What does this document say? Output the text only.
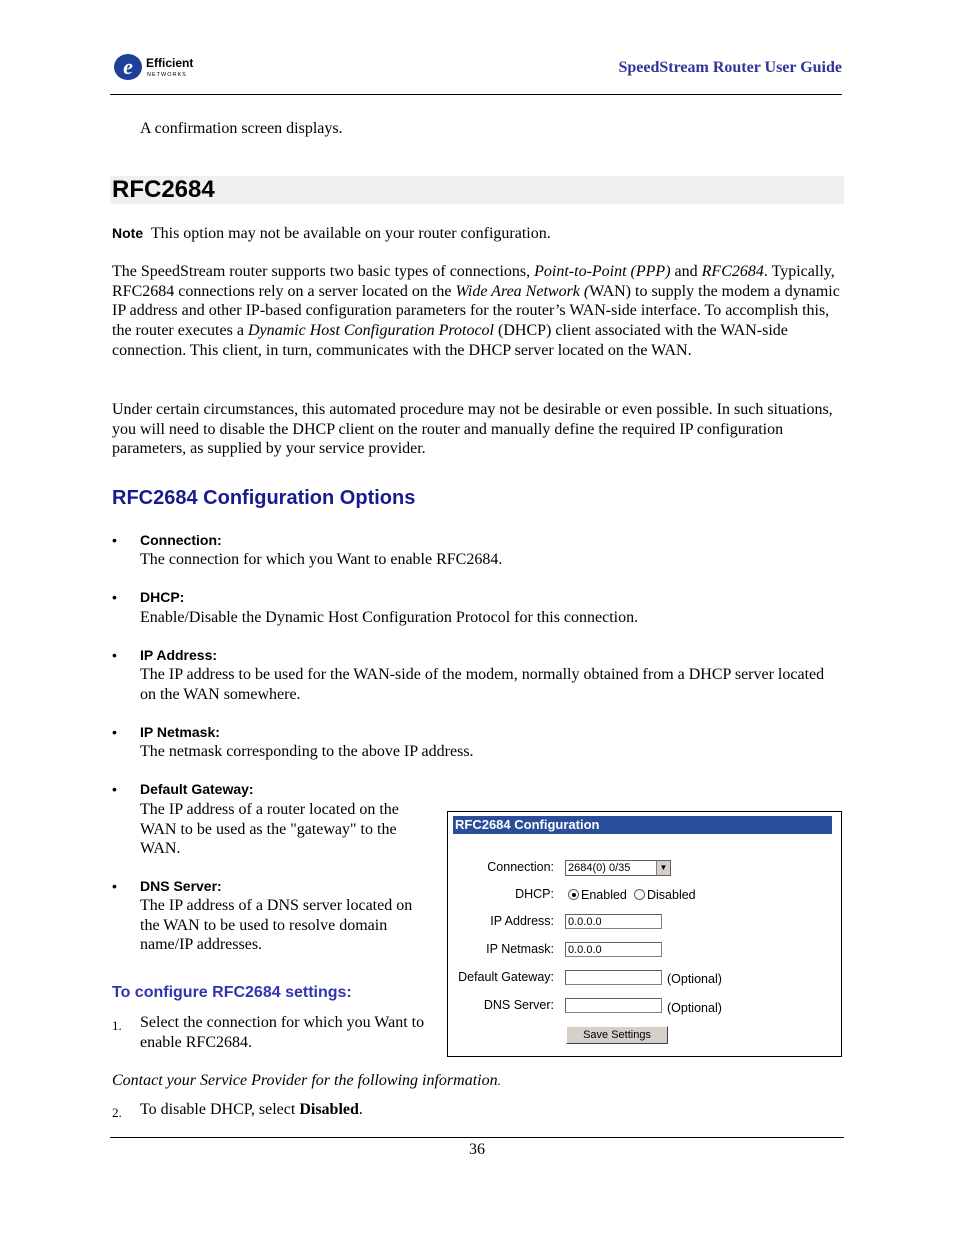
e Efficient
NETWORKS	SpeedStream Router User Guide
A confirmation screen displays.
RFC2684
Note This option may not be available on your router configuration.
The SpeedStream router supports two basic types of connections, Point-to-Point (PPP) and RFC2684. Typically, RFC2684 connections rely on a server located on the Wide Area Network (WAN) to supply the modem a dynamic IP address and other IP-based configuration parameters for the router’s WAN-side interface. To accomplish this, the router executes a Dynamic Host Configuration Protocol (DHCP) client associated with the WAN-side connection. This client, in turn, communicates with the DHCP server located on the WAN.
Under certain circumstances, this automated procedure may not be desirable or even possible. In such situations, you will need to disable the DHCP client on the router and manually define the required IP configuration parameters, as supplied by your service provider.
RFC2684 Configuration Options
• Connection:
The connection for which you Want to enable RFC2684.
• DHCP:
Enable/Disable the Dynamic Host Configuration Protocol for this connection.
• IP Address:
The IP address to be used for the WAN-side of the modem, normally obtained from a DHCP server located on the WAN somewhere.
• IP Netmask:
The netmask corresponding to the above IP address.
• Default Gateway:
The IP address of a router located on the WAN to be used as the "gateway" to the WAN.
• DNS Server:
The IP address of a DNS server located on the WAN to be used to resolve domain name/IP addresses.
To configure RFC2684 settings:
1. Select the connection for which you Want to enable RFC2684.
Contact your Service Provider for the following information.
2. To disable DHCP, select Disabled.
36
RFC2684 Configuration
Connection: 2684(0) 0/35	▼
DHCP:	Enabled	Disabled
IP Address: 0.0.0.0
IP Netmask: 0.0.0.0
Default Gateway:	(Optional)
DNS Server:	(Optional)
Save Settings
